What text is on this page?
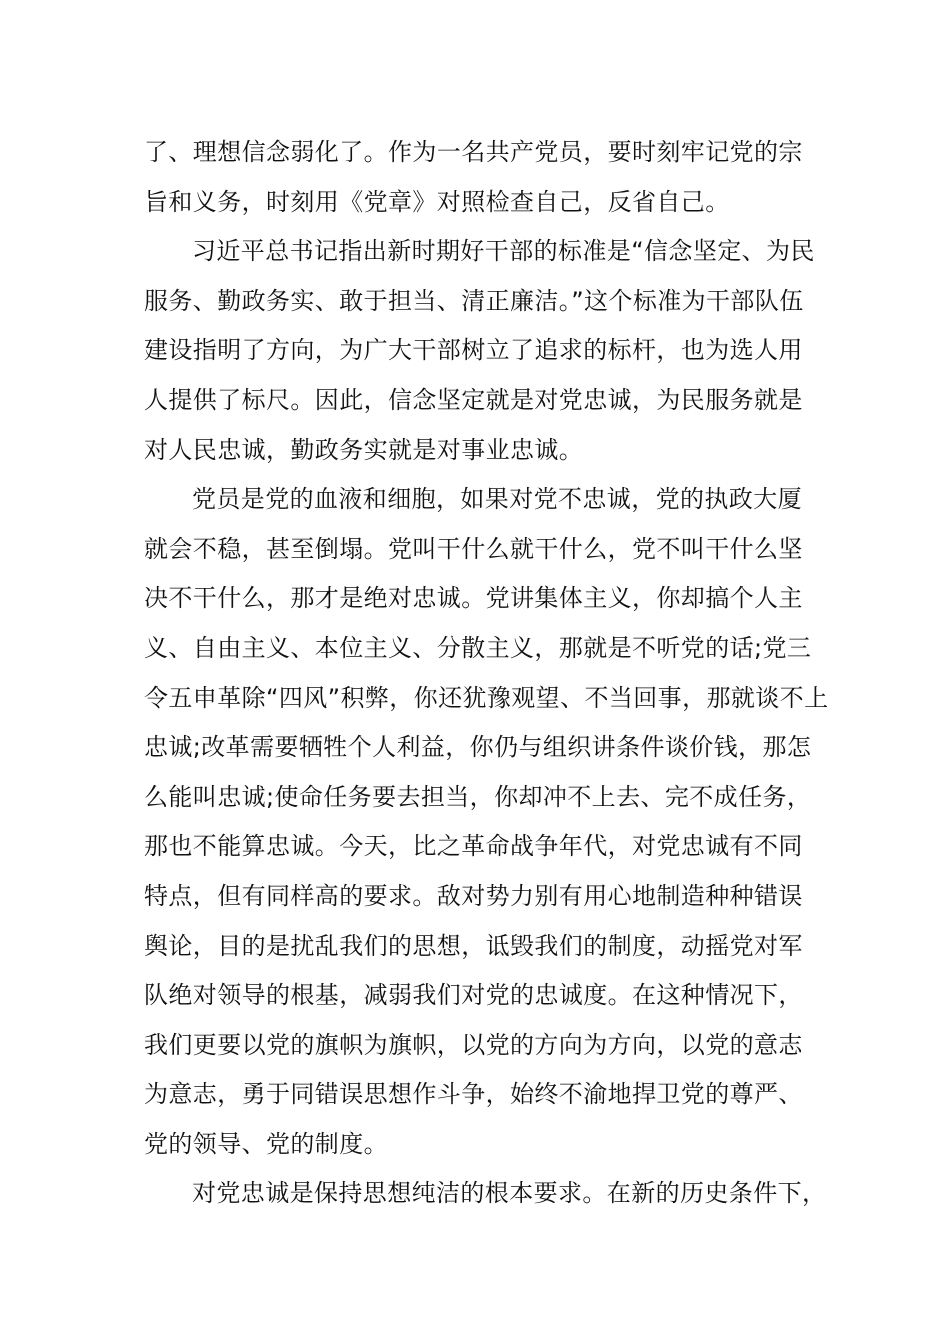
了、理想信念弱化了。作为一名共产党员，要时刻牢记党的宗
旨和义务，时刻用《党章》对照检查自己，反省自己。
习近平总书记指出新时期好干部的标准是“信念坚定、为民
服务、勤政务实、敢于担当、清正廉洁。”这个标准为干部队伍
建设指明了方向，为广大干部树立了追求的标杆，也为选人用
人提供了标尺。因此，信念坚定就是对党忠诚，为民服务就是
对人民忠诚，勤政务实就是对事业忠诚。
党员是党的血液和细胞，如果对党不忠诚，党的执政大厦
就会不稳，甚至倒塌。党叫干什么就干什么，党不叫干什么坚
决不干什么，那才是绝对忠诚。党讲集体主义，你却搞个人主
义、自由主义、本位主义、分散主义，那就是不听党的话;党三
令五申革除“四风”积弊，你还犹豫观望、不当回事，那就谈不上
忠诚;改革需要牺牲个人利益，你仍与组织讲条件谈价钱，那怎
么能叫忠诚;使命任务要去担当，你却冲不上去、完不成任务，
那也不能算忠诚。今天，比之革命战争年代，对党忠诚有不同
特点，但有同样高的要求。敌对势力别有用心地制造种种错误
舆论，目的是扰乱我们的思想，诋毁我们的制度，动摇党对军
队绝对领导的根基，减弱我们对党的忠诚度。在这种情况下，
我们更要以党的旗帜为旗帜，以党的方向为方向，以党的意志
为意志，勇于同错误思想作斗争，始终不渝地捍卫党的尊严、
党的领导、党的制度。
对党忠诚是保持思想纯洁的根本要求。在新的历史条件下，
